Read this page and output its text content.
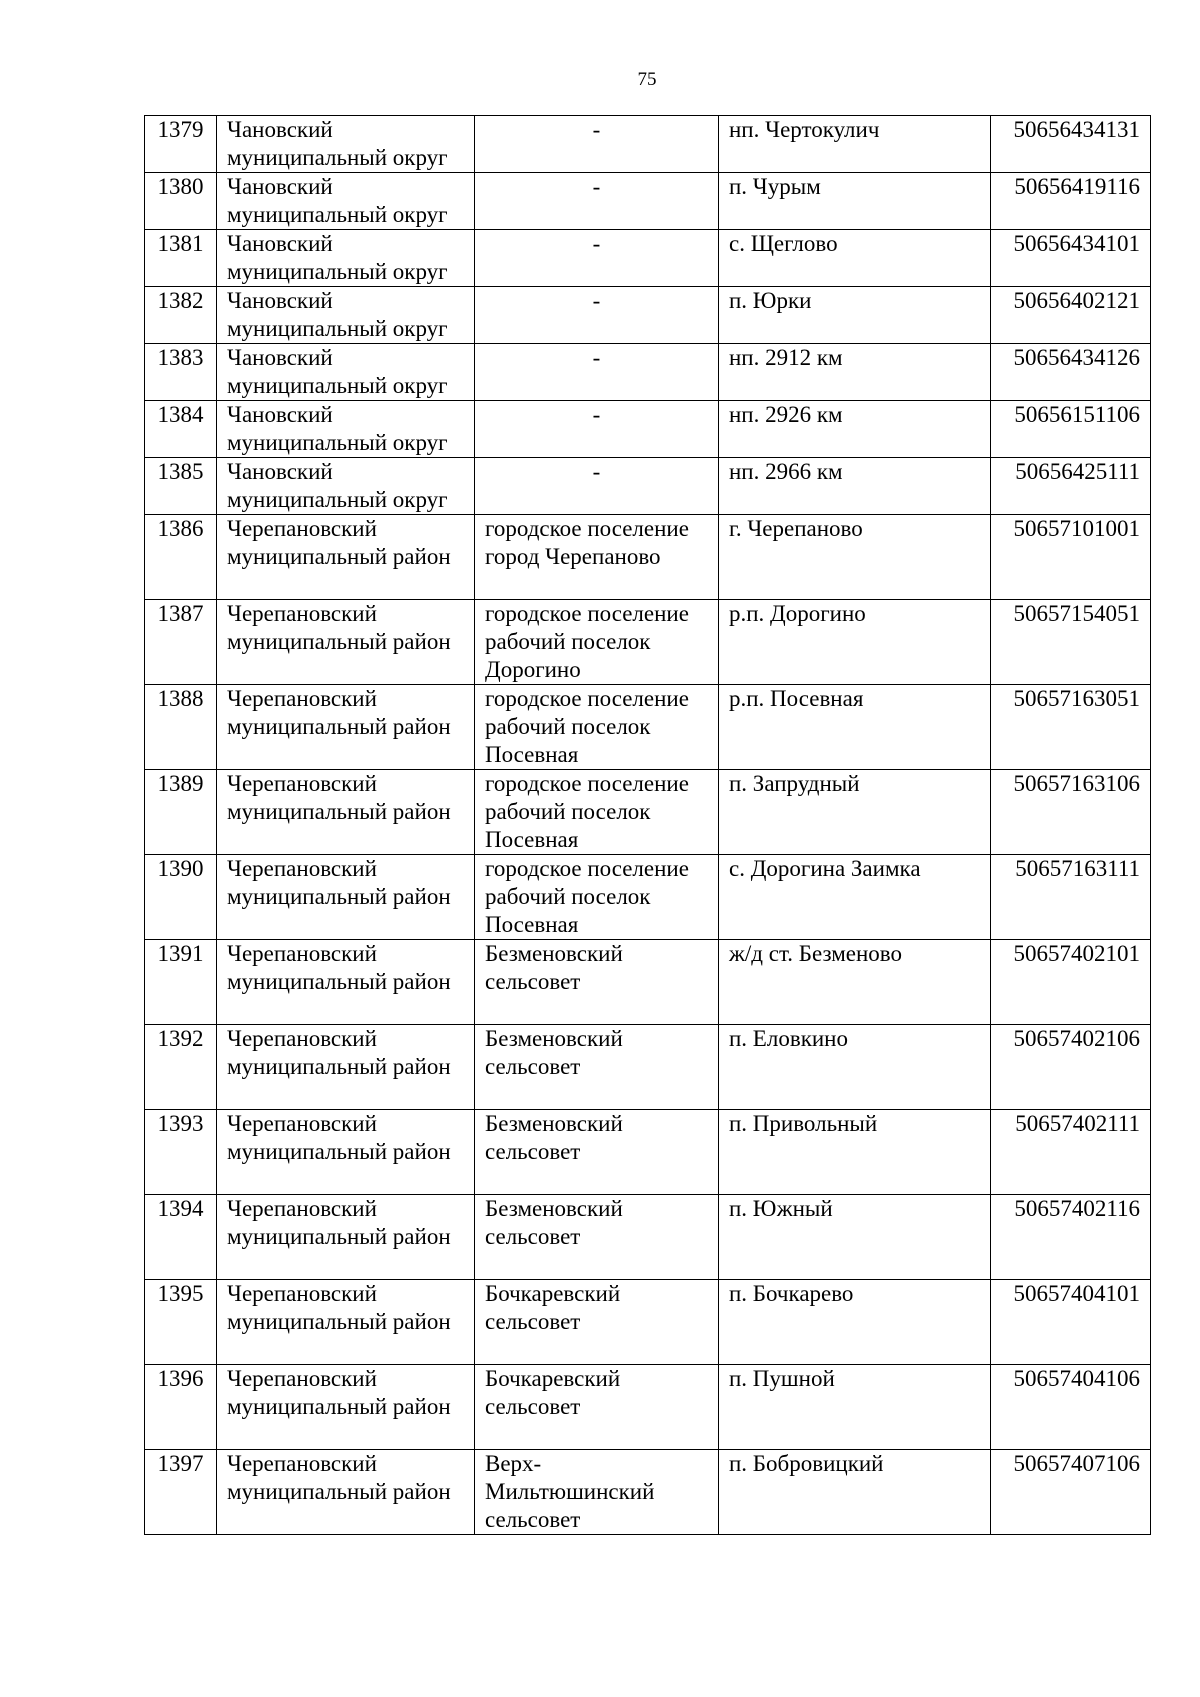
75
1379	Чановский муниципальный округ	-	нп. Чертокулич	50656434131
1380	Чановский муниципальный округ	-	п. Чурым	50656419116
1381	Чановский муниципальный округ	-	с. Щеглово	50656434101
1382	Чановский муниципальный округ	-	п. Юрки	50656402121
1383	Чановский муниципальный округ	-	нп. 2912 км	50656434126
1384	Чановский муниципальный округ	-	нп. 2926 км	50656151106
1385	Чановский муниципальный округ	-	нп. 2966 км	50656425111
1386	Черепановский муниципальный район	городское поселение город Черепаново	г. Черепаново	50657101001
1387	Черепановский муниципальный район	городское поселение рабочий поселок Дорогино	р.п. Дорогино	50657154051
1388	Черепановский муниципальный район	городское поселение рабочий поселок Посевная	р.п. Посевная	50657163051
1389	Черепановский муниципальный район	городское поселение рабочий поселок Посевная	п. Запрудный	50657163106
1390	Черепановский муниципальный район	городское поселение рабочий поселок Посевная	с. Дорогина Заимка	50657163111
1391	Черепановский муниципальный район	Безменовский сельсовет	ж/д ст. Безменово	50657402101
1392	Черепановский муниципальный район	Безменовский сельсовет	п. Еловкино	50657402106
1393	Черепановский муниципальный район	Безменовский сельсовет	п. Привольный	50657402111
1394	Черепановский муниципальный район	Безменовский сельсовет	п. Южный	50657402116
1395	Черепановский муниципальный район	Бочкаревский сельсовет	п. Бочкарево	50657404101
1396	Черепановский муниципальный район	Бочкаревский сельсовет	п. Пушной	50657404106
1397	Черепановский муниципальный район	Верх-Мильтюшинский сельсовет	п. Бобровицкий	50657407106
